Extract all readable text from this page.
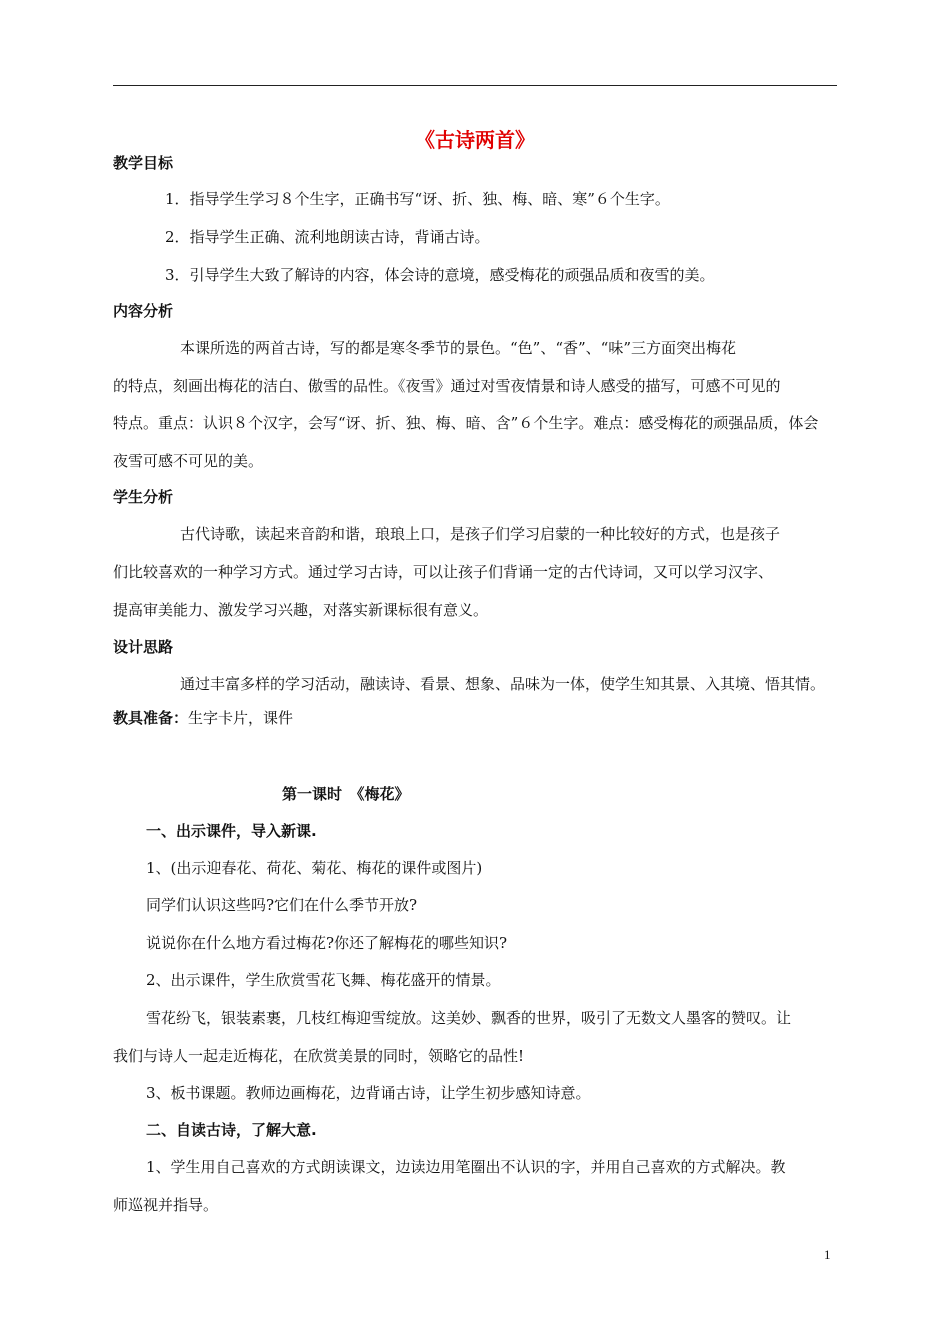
《古诗两首》
教学目标
1．指导学生学习８个生字，正确书写“讶、折、独、梅、暗、寒”６个生字。
2．指导学生正确、流利地朗读古诗，背诵古诗。
3．引导学生大致了解诗的内容，体会诗的意境，感受梅花的顽强品质和夜雪的美。
内容分析
本课所选的两首古诗，写的都是寒冬季节的景色。“色”、“香”、“味”三方面突出梅花
的特点，刻画出梅花的洁白、傲雪的品性。《夜雪》通过对雪夜情景和诗人感受的描写，可感不可见的
特点。重点：认识８个汉字，会写“讶、折、独、梅、暗、含”６个生字。难点：感受梅花的顽强品质，体会
夜雪可感不可见的美。
学生分析
古代诗歌，读起来音韵和谐，琅琅上口，是孩子们学习启蒙的一种比较好的方式，也是孩子
们比较喜欢的一种学习方式。通过学习古诗，可以让孩子们背诵一定的古代诗词，又可以学习汉字、
提高审美能力、激发学习兴趣，对落实新课标很有意义。
设计思路
通过丰富多样的学习活动，融读诗、看景、想象、品味为一体，使学生知其景、入其境、悟其情。
教具准备：生字卡片，课件
第一课时　《梅花》
一、出示课件，导入新课.
1、(出示迎春花、荷花、菊花、梅花的课件或图片)
同学们认识这些吗?它们在什么季节开放?
说说你在什么地方看过梅花?你还了解梅花的哪些知识?
2、出示课件，学生欣赏雪花飞舞、梅花盛开的情景。
雪花纷飞，银装素裹，几枝红梅迎雪绽放。这美妙、飘香的世界，吸引了无数文人墨客的赞叹。让
我们与诗人一起走近梅花，在欣赏美景的同时，领略它的品性!
3、板书课题。教师边画梅花，边背诵古诗，让学生初步感知诗意。
二、自读古诗，了解大意.
1、学生用自己喜欢的方式朗读课文，边读边用笔圈出不认识的字，并用自己喜欢的方式解决。教
师巡视并指导。
1
